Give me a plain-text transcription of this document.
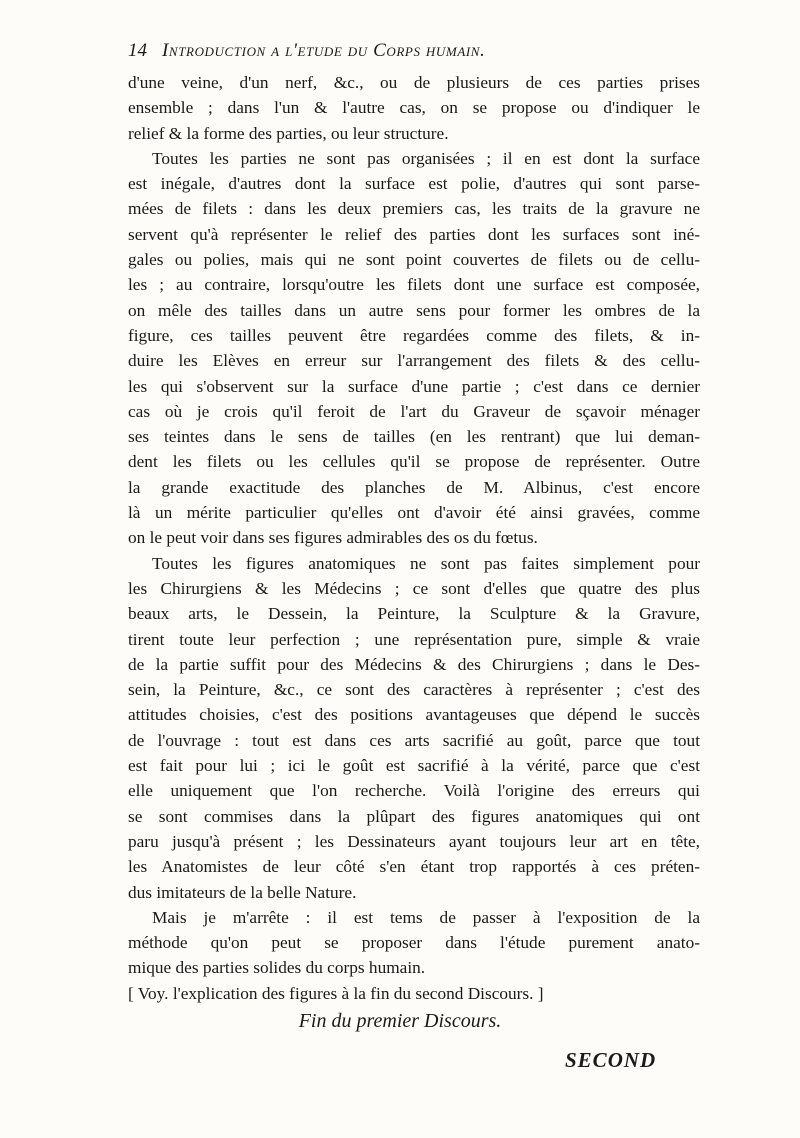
14 Introduction a l'etude du Corps humain.
d'une veine, d'un nerf, &c., ou de plusieurs de ces parties prises
ensemble ; dans l'un & l'autre cas, on se propose ou d'indiquer le
relief & la forme des parties, ou leur structure.
Toutes les parties ne sont pas organisées ; il en est dont la surface
est inégale, d'autres dont la surface est polie, d'autres qui sont parse-
mées de filets : dans les deux premiers cas, les traits de la gravure ne
servent qu'à représenter le relief des parties dont les surfaces sont iné-
gales ou polies, mais qui ne sont point couvertes de filets ou de cellu-
les ; au contraire, lorsqu'outre les filets dont une surface est composée,
on mêle des tailles dans un autre sens pour former les ombres de la
figure, ces tailles peuvent être regardées comme des filets, & in-
duire les Elèves en erreur sur l'arrangement des filets & des cellu-
les qui s'observent sur la surface d'une partie ; c'est dans ce dernier
cas où je crois qu'il feroit de l'art du Graveur de sçavoir ménager
ses teintes dans le sens de tailles (en les rentrant) que lui deman-
dent les filets ou les cellules qu'il se propose de représenter. Outre
la grande exactitude des planches de M. Albinus, c'est encore
là un mérite particulier qu'elles ont d'avoir été ainsi gravées, comme
on le peut voir dans ses figures admirables des os du fœtus.
Toutes les figures anatomiques ne sont pas faites simplement pour
les Chirurgiens & les Médecins ; ce sont d'elles que quatre des plus
beaux arts, le Dessein, la Peinture, la Sculpture & la Gravure,
tirent toute leur perfection ; une représentation pure, simple & vraie
de la partie suffit pour des Médecins & des Chirurgiens ; dans le Des-
sein, la Peinture, &c., ce sont des caractères à représenter ; c'est des
attitudes choisies, c'est des positions avantageuses que dépend le succès
de l'ouvrage : tout est dans ces arts sacrifié au goût, parce que tout
est fait pour lui ; ici le goût est sacrifié à la vérité, parce que c'est
elle uniquement que l'on recherche. Voilà l'origine des erreurs qui
se sont commises dans la plûpart des figures anatomiques qui ont
paru jusqu'à présent ; les Dessinateurs ayant toujours leur art en tête,
les Anatomistes de leur côté s'en étant trop rapportés à ces préten-
dus imitateurs de la belle Nature.
Mais je m'arrête : il est tems de passer à l'exposition de la
méthode qu'on peut se proposer dans l'étude purement anato-
mique des parties solides du corps humain.
[ Voy. l'explication des figures à la fin du second Discours. ]
Fin du premier Discours.
SECOND
